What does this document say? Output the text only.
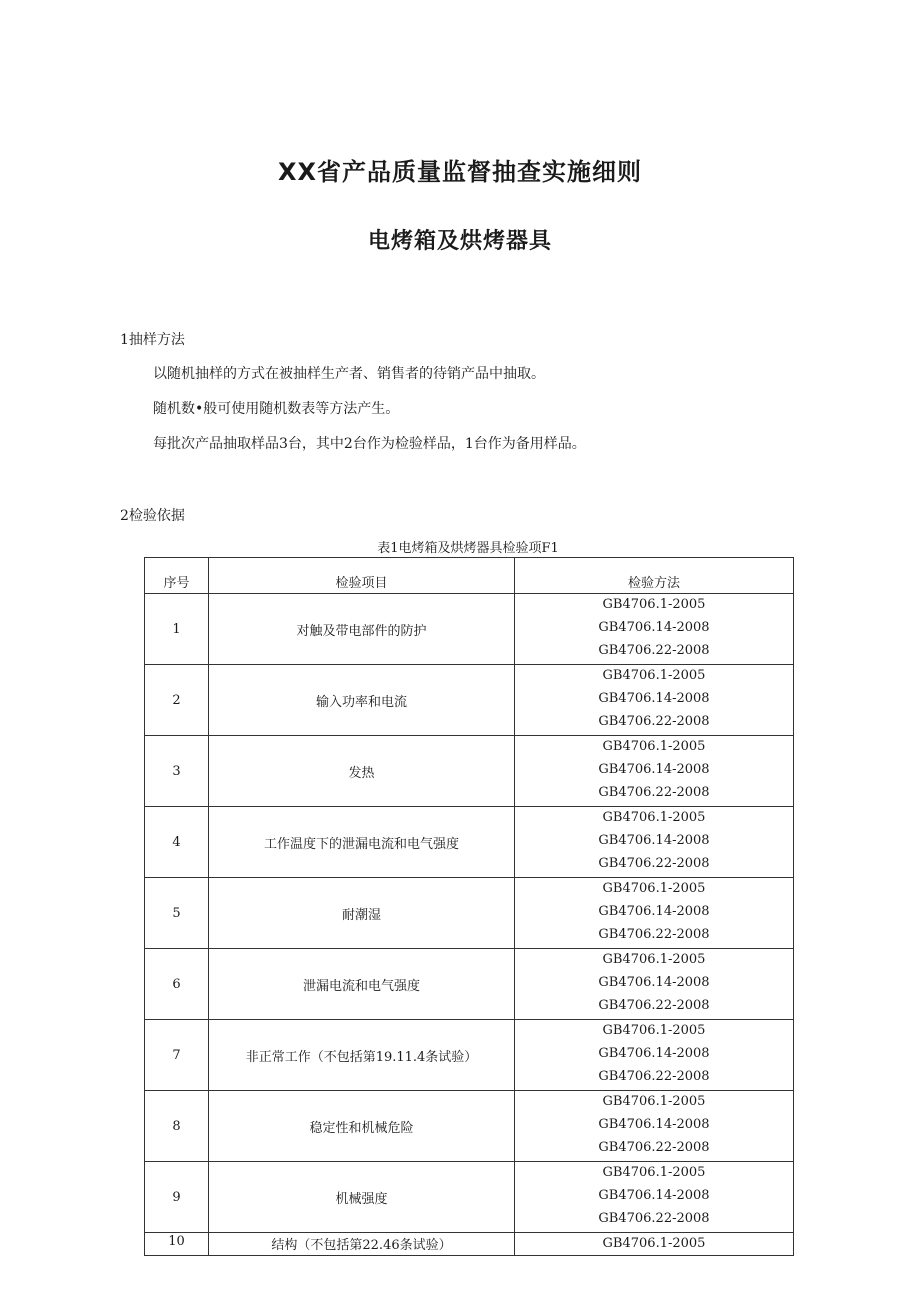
XX省产品质量监督抽查实施细则
电烤箱及烘烤器具
1抽样方法
以随机抽样的方式在被抽样生产者、销售者的待销产品中抽取。
随机数•般可使用随机数表等方法产生。
每批次产品抽取样品3台，其中2台作为检验样品，1台作为备用样品。
2检验依据
表1电烤箱及烘烤器具检验项F1
序号	检验项目	检验方法
1	对触及带电部件的防护	GB4706.1-2005
GB4706.14-2008
GB4706.22-2008

2	输入功率和电流	GB4706.1-2005
GB4706.14-2008
GB4706.22-2008

3	发热	GB4706.1-2005
GB4706.14-2008
GB4706.22-2008

4	工作温度下的泄漏电流和电气强度	GB4706.1-2005
GB4706.14-2008
GB4706.22-2008

5	耐潮湿	GB4706.1-2005
GB4706.14-2008
GB4706.22-2008

6	泄漏电流和电气强度	GB4706.1-2005
GB4706.14-2008
GB4706.22-2008

7	非正常工作（不包括第19.11.4条试验）	GB4706.1-2005
GB4706.14-2008
GB4706.22-2008

8	稳定性和机械危险	GB4706.1-2005
GB4706.14-2008
GB4706.22-2008

9	机械强度	GB4706.1-2005
GB4706.14-2008
GB4706.22-2008

10	结构（不包括第22.46条试验）	GB4706.1-2005
